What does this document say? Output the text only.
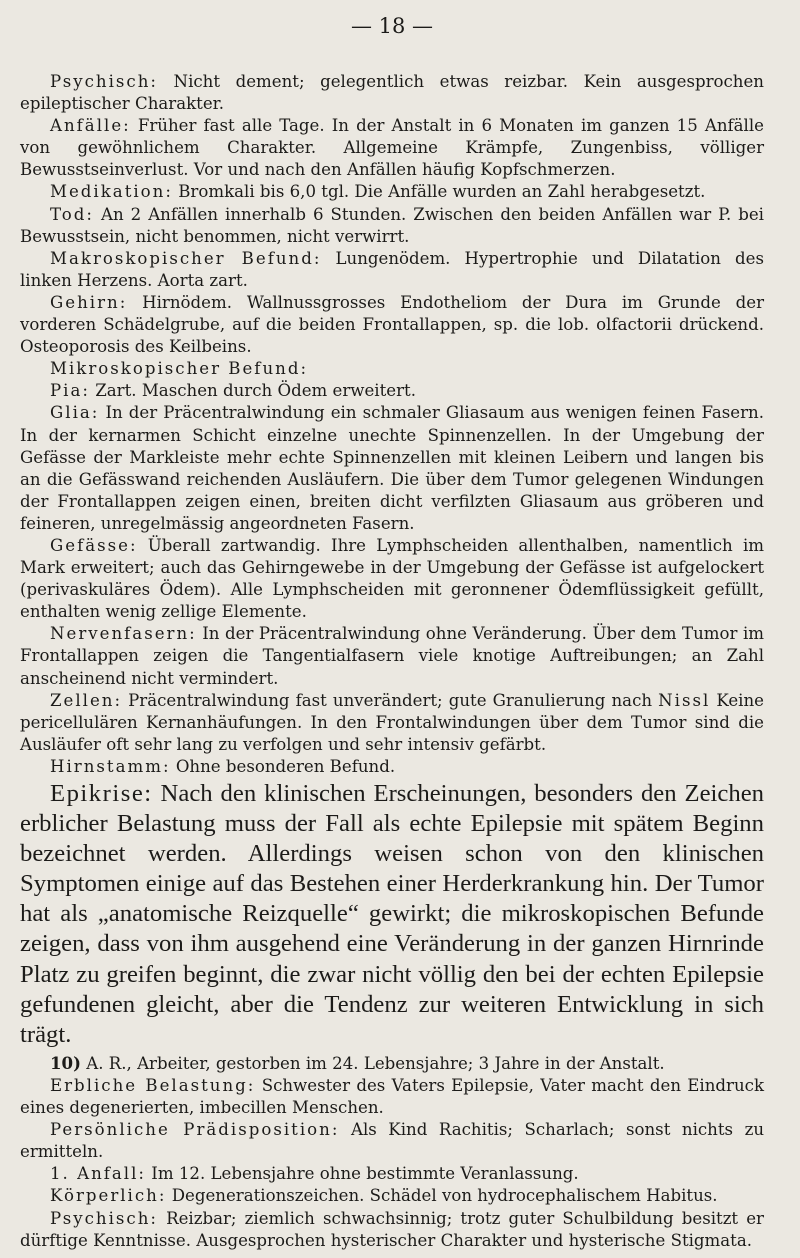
— 18 —

Psychisch: Nicht dement; gelegentlich etwas reizbar. Kein ausgesprochen epileptischer Charakter.

Anfälle: Früher fast alle Tage. In der Anstalt in 6 Monaten im ganzen 15 Anfälle von gewöhnlichem Charakter. Allgemeine Krämpfe, Zungenbiss, völliger Bewusstseinverlust. Vor und nach den Anfällen häufig Kopfschmerzen.

Medikation: Bromkali bis 6,0 tgl. Die Anfälle wurden an Zahl herabgesetzt.

Tod: An 2 Anfällen innerhalb 6 Stunden. Zwischen den beiden Anfällen war P. bei Bewusstsein, nicht benommen, nicht verwirrt.

Makroskopischer Befund: Lungenödem. Hypertrophie und Dilatation des linken Herzens. Aorta zart.

Gehirn: Hirnödem. Wallnussgrosses Endotheliom der Dura im Grunde der vorderen Schädelgrube, auf die beiden Frontallappen, sp. die lob. olfactorii drückend. Osteoporosis des Keilbeins.

Mikroskopischer Befund:

Pia: Zart. Maschen durch Ödem erweitert.

Glia: In der Präcentralwindung ein schmaler Gliasaum aus wenigen feinen Fasern. In der kernarmen Schicht einzelne unechte Spinnenzellen. In der Umgebung der Gefässe der Markleiste mehr echte Spinnenzellen mit kleinen Leibern und langen bis an die Gefässwand reichenden Ausläufern. Die über dem Tumor gelegenen Windungen der Frontallappen zeigen einen, breiten dicht verfilzten Gliasaum aus gröberen und feineren, unregelmässig angeordneten Fasern.

Gefässe: Überall zartwandig. Ihre Lymphscheiden allenthalben, namentlich im Mark erweitert; auch das Gehirngewebe in der Umgebung der Gefässe ist aufgelockert (perivaskuläres Ödem). Alle Lymphscheiden mit geronnener Ödemflüssigkeit gefüllt, enthalten wenig zellige Elemente.

Nervenfasern: In der Präcentralwindung ohne Veränderung. Über dem Tumor im Frontallappen zeigen die Tangentialfasern viele knotige Auftreibungen; an Zahl anscheinend nicht vermindert.

Zellen: Präcentralwindung fast unverändert; gute Granulierung nach Nissl Keine pericellulären Kernanhäufungen. In den Frontalwindungen über dem Tumor sind die Ausläufer oft sehr lang zu verfolgen und sehr intensiv gefärbt.

Hirnstamm: Ohne besonderen Befund.

Epikrise: Nach den klinischen Erscheinungen, besonders den Zeichen erblicher Belastung muss der Fall als echte Epilepsie mit spätem Beginn bezeichnet werden. Allerdings weisen schon von den klinischen Symptomen einige auf das Bestehen einer Herderkrankung hin. Der Tumor hat als „anatomische Reizquelle“ gewirkt; die mikroskopischen Befunde zeigen, dass von ihm ausgehend eine Veränderung in der ganzen Hirnrinde Platz zu greifen beginnt, die zwar nicht völlig den bei der echten Epilepsie gefundenen gleicht, aber die Tendenz zur weiteren Entwicklung in sich trägt.

10) A. R., Arbeiter, gestorben im 24. Lebensjahre; 3 Jahre in der Anstalt.

Erbliche Belastung: Schwester des Vaters Epilepsie, Vater macht den Eindruck eines degenerierten, imbecillen Menschen.

Persönliche Prädisposition: Als Kind Rachitis; Scharlach; sonst nichts zu ermitteln.

1. Anfall: Im 12. Lebensjahre ohne bestimmte Veranlassung.

Körperlich: Degenerationszeichen. Schädel von hydrocephalischem Habitus.

Psychisch: Reizbar; ziemlich schwachsinnig; trotz guter Schulbildung besitzt er dürftige Kenntnisse. Ausgesprochen hysterischer Charakter und hysterische Stigmata.
